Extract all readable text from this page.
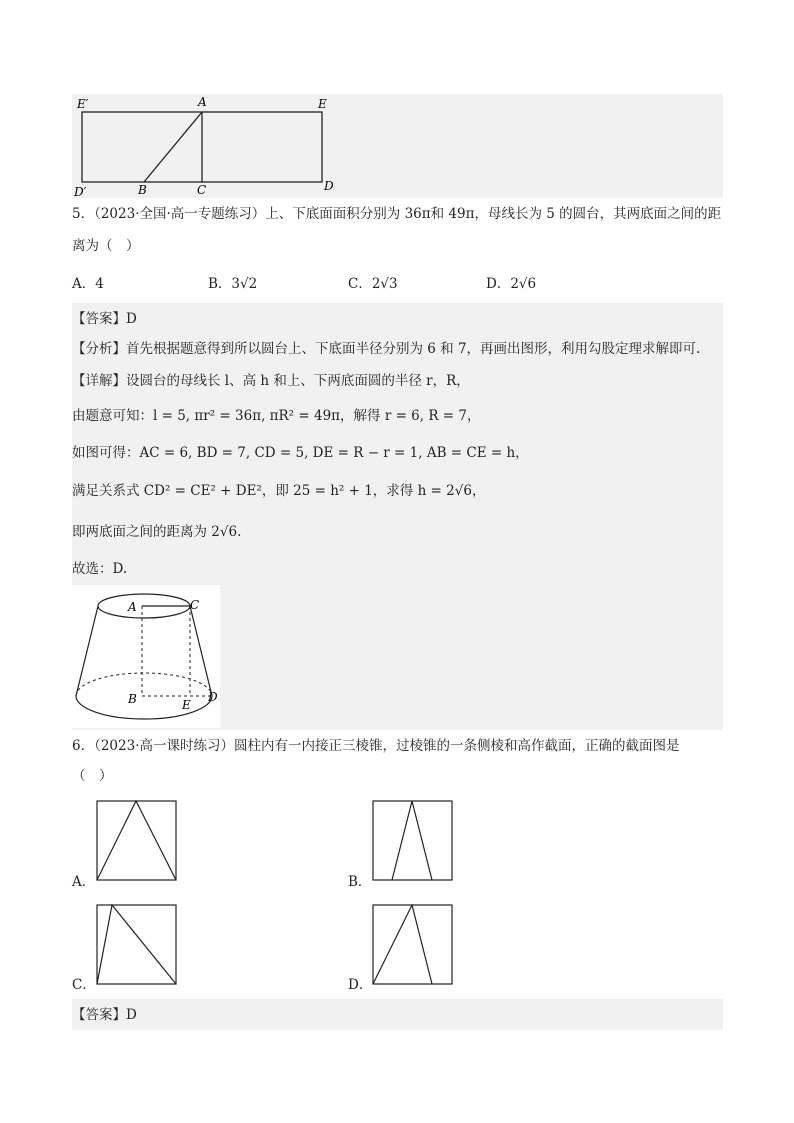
E′	A	E
D′	B	C	D
5．（2023·全国·高一专题练习）上、下底面面积分别为 36π和 49π，母线长为 5 的圆台，其两底面之间的距
离为（　）
A．4	B．3√2	C．2√3	D．2√6
【答案】D
【分析】首先根据题意得到所以圆台上、下底面半径分别为 6 和 7，再画出图形，利用勾股定理求解即可.
【详解】设圆台的母线长 l、高 h 和上、下两底面圆的半径 r，R，
由题意可知：l = 5, πr² = 36π, πR² = 49π，解得 r = 6, R = 7，
如图可得：AC = 6, BD = 7, CD = 5, DE = R − r = 1, AB = CE = h，
满足关系式 CD² = CE² + DE²，即 25 = h² + 1，求得 h = 2√6，
即两底面之间的距离为 2√6.
故选：D.
A	C
B	D
E
6．（2023·高一课时练习）圆柱内有一内接正三棱锥，过棱锥的一条侧棱和高作截面，正确的截面图是
（　）
A．	B．
C．	D．
【答案】D
